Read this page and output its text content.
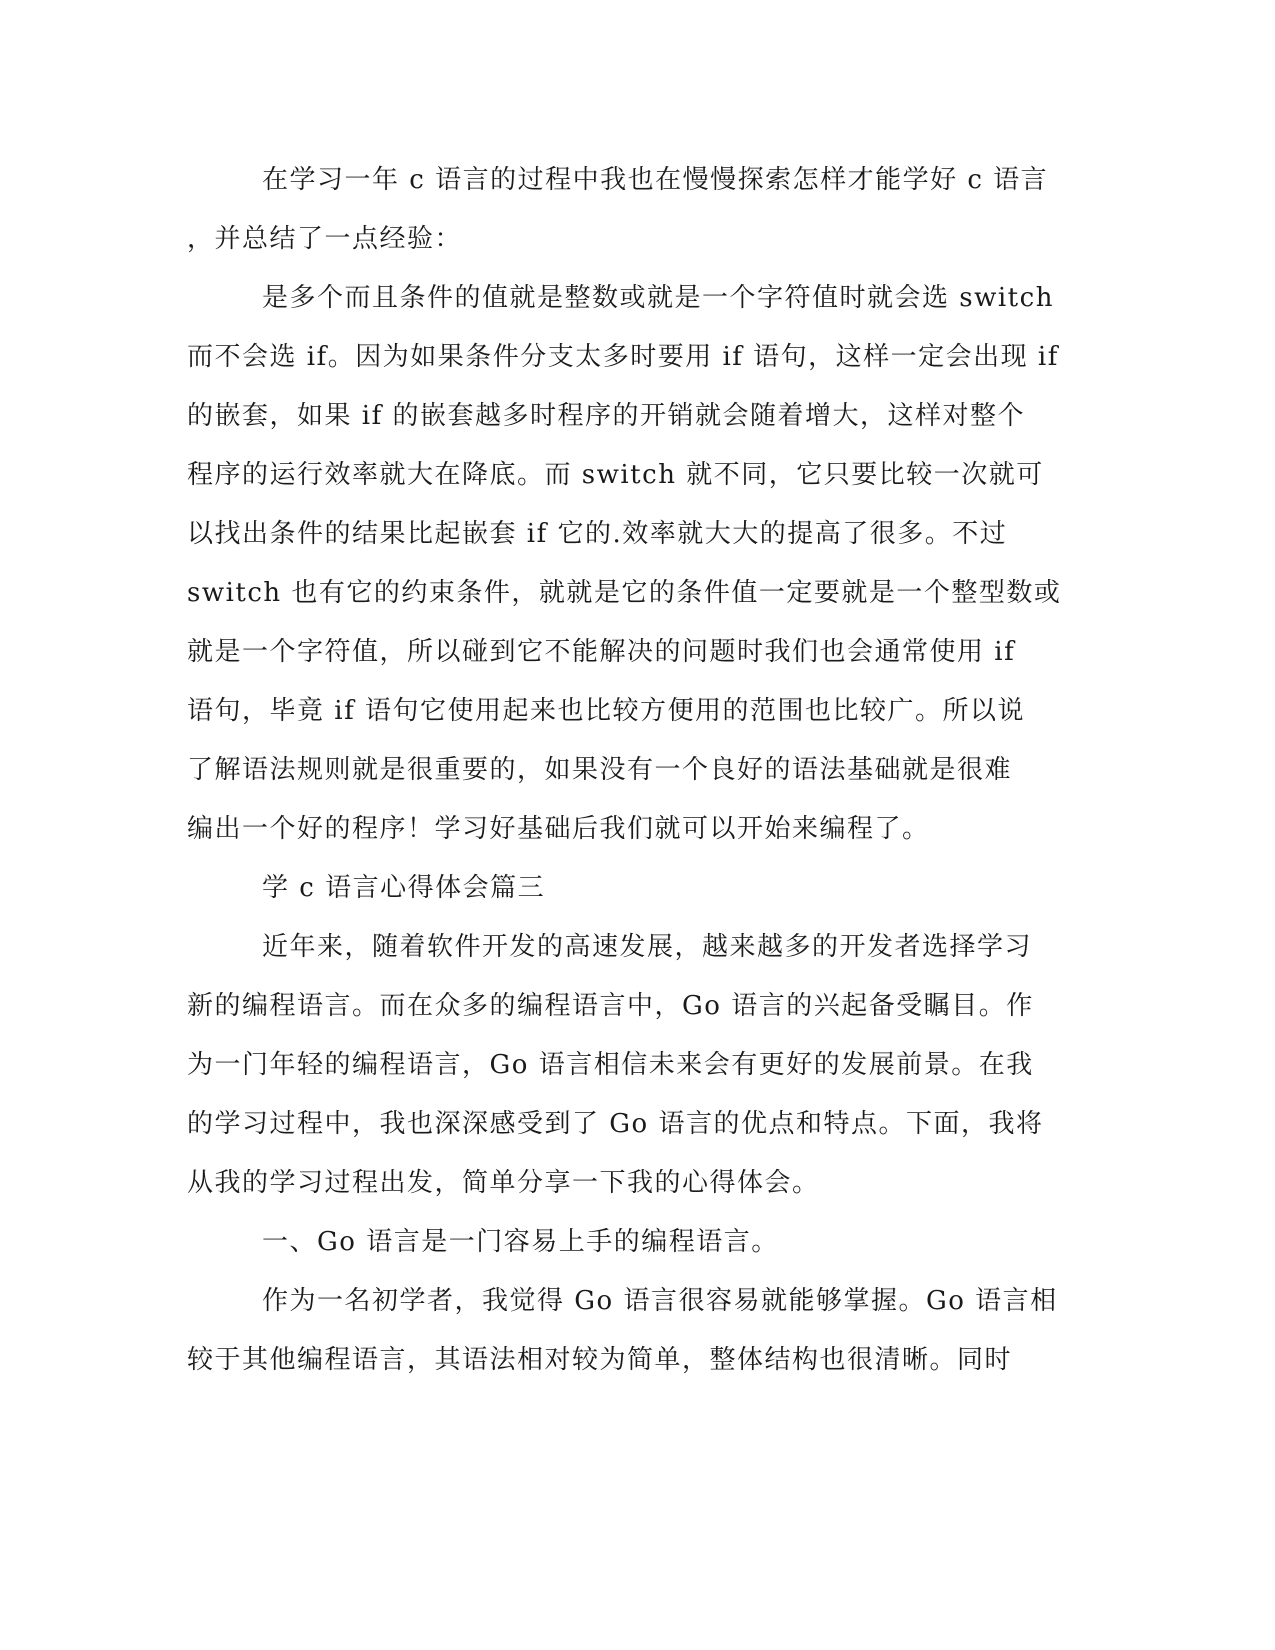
在学习一年 c 语言的过程中我也在慢慢探索怎样才能学好 c 语言
，并总结了一点经验：
是多个而且条件的值就是整数或就是一个字符值时就会选 switch
而不会选 if。因为如果条件分支太多时要用 if 语句，这样一定会出现 if
的嵌套，如果 if 的嵌套越多时程序的开销就会随着增大，这样对整个
程序的运行效率就大在降底。而 switch 就不同，它只要比较一次就可
以找出条件的结果比起嵌套 if 它的.效率就大大的提高了很多。不过
switch 也有它的约束条件，就就是它的条件值一定要就是一个整型数或
就是一个字符值，所以碰到它不能解决的问题时我们也会通常使用 if
语句，毕竟 if 语句它使用起来也比较方便用的范围也比较广。所以说
了解语法规则就是很重要的，如果没有一个良好的语法基础就是很难
编出一个好的程序！学习好基础后我们就可以开始来编程了。
学 c 语言心得体会篇三
近年来，随着软件开发的高速发展，越来越多的开发者选择学习
新的编程语言。而在众多的编程语言中，Go 语言的兴起备受瞩目。作
为一门年轻的编程语言，Go 语言相信未来会有更好的发展前景。在我
的学习过程中，我也深深感受到了 Go 语言的优点和特点。下面，我将
从我的学习过程出发，简单分享一下我的心得体会。
一、Go 语言是一门容易上手的编程语言。
作为一名初学者，我觉得 Go 语言很容易就能够掌握。Go 语言相
较于其他编程语言，其语法相对较为简单，整体结构也很清晰。同时
